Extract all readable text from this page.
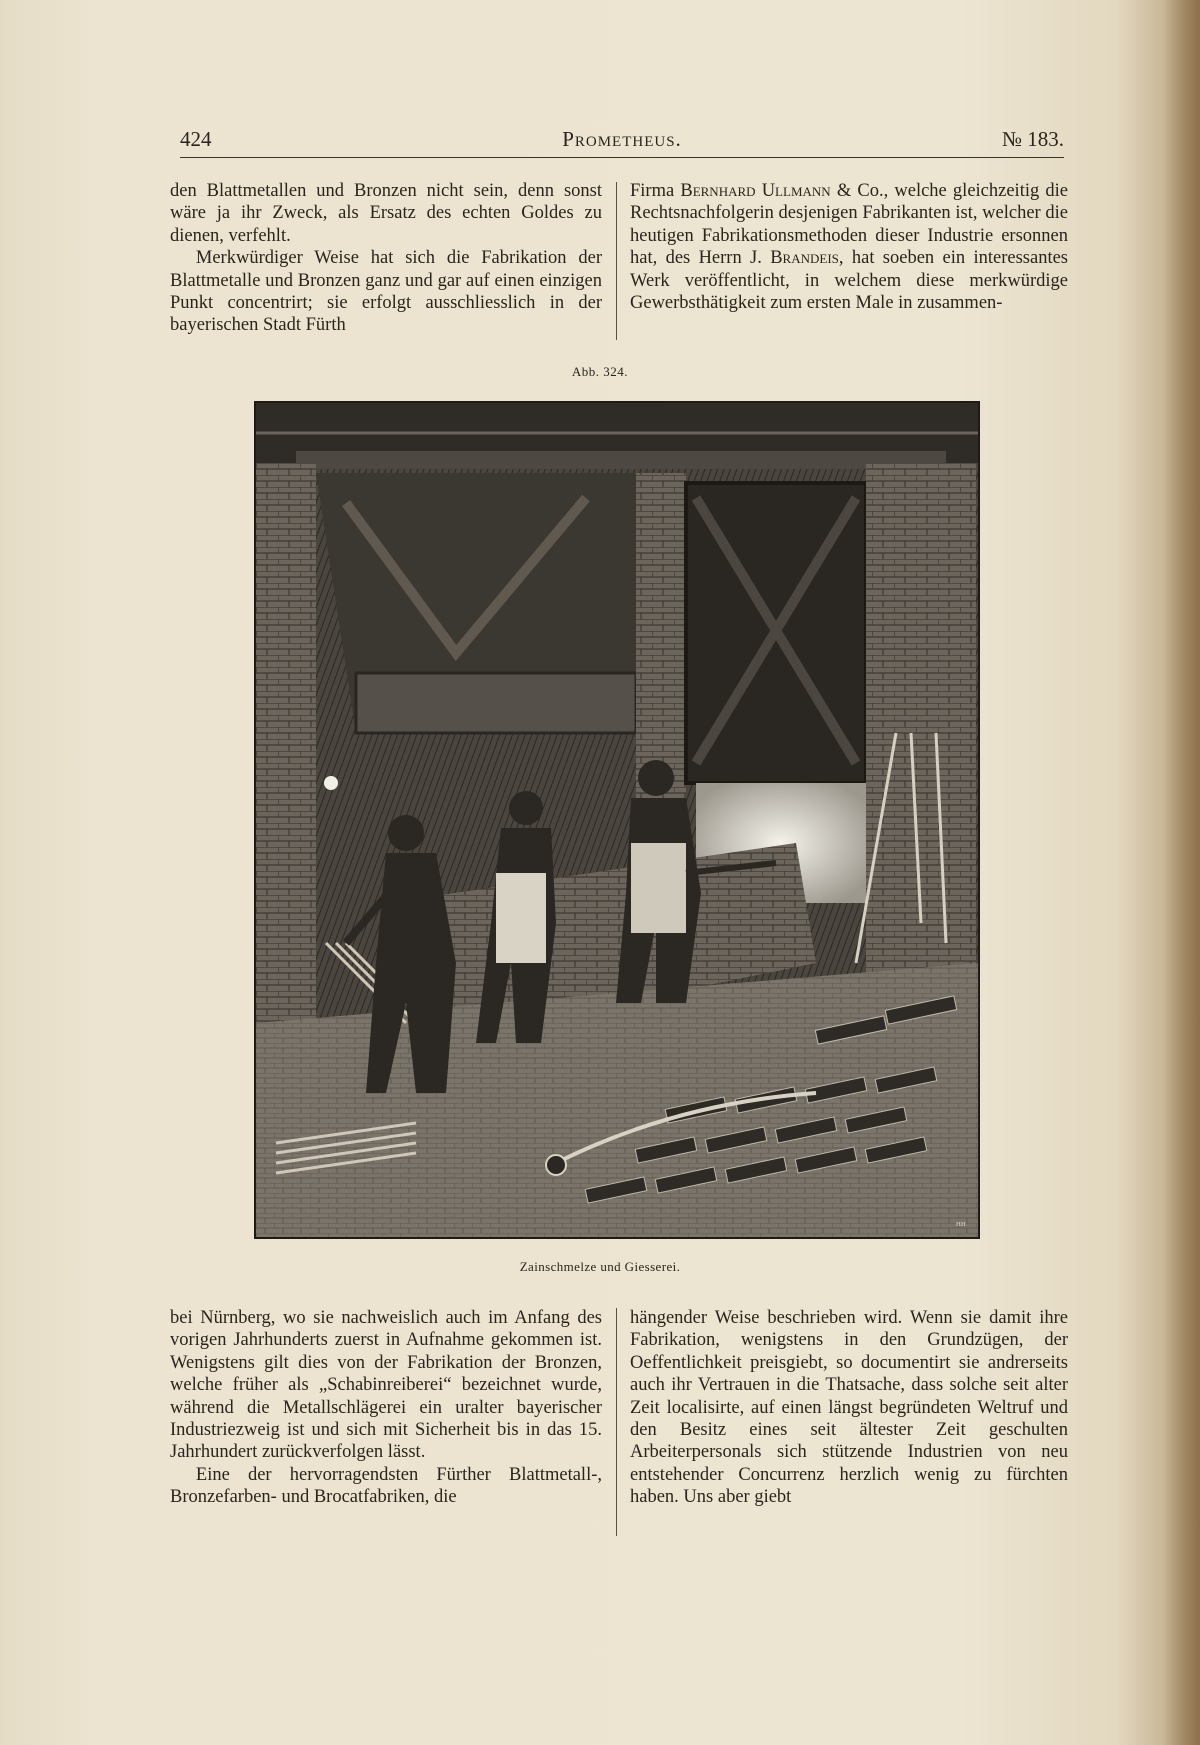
424	Prometheus.	№ 183.

den Blattmetallen und Bronzen nicht sein, denn sonst wäre ja ihr Zweck, als Ersatz des echten Goldes zu dienen, verfehlt.

Merkwürdiger Weise hat sich die Fabrikation der Blattmetalle und Bronzen ganz und gar auf einen einzigen Punkt concentrirt; sie erfolgt ausschliesslich in der bayerischen Stadt Fürth

Firma Bernhard Ullmann & Co., welche gleichzeitig die Rechtsnachfolgerin desjenigen Fabrikanten ist, welcher die heutigen Fabrikationsmethoden dieser Industrie ersonnen hat, des Herrn J. Brandeis, hat soeben ein interessantes Werk veröffentlicht, in welchem diese merkwürdige Gewerbsthätigkeit zum ersten Male in zusammen-

Abb. 324.
ᴴᴴ
Zainschmelze und Giesserei.

bei Nürnberg, wo sie nachweislich auch im Anfang des vorigen Jahrhunderts zuerst in Aufnahme gekommen ist. Wenigstens gilt dies von der Fabrikation der Bronzen, welche früher als „Schabinreiberei“ bezeichnet wurde, während die Metallschlägerei ein uralter bayerischer Industriezweig ist und sich mit Sicherheit bis in das 15. Jahrhundert zurückverfolgen lässt.

Eine der hervorragendsten Fürther Blattmetall-, Bronzefarben- und Brocatfabriken, die

hängender Weise beschrieben wird. Wenn sie damit ihre Fabrikation, wenigstens in den Grundzügen, der Oeffentlichkeit preisgiebt, so documentirt sie andrerseits auch ihr Vertrauen in die Thatsache, dass solche seit alter Zeit localisirte, auf einen längst begründeten Weltruf und den Besitz eines seit ältester Zeit geschulten Arbeiterpersonals sich stützende Industrien von neu entstehender Concurrenz herzlich wenig zu fürchten haben. Uns aber giebt
